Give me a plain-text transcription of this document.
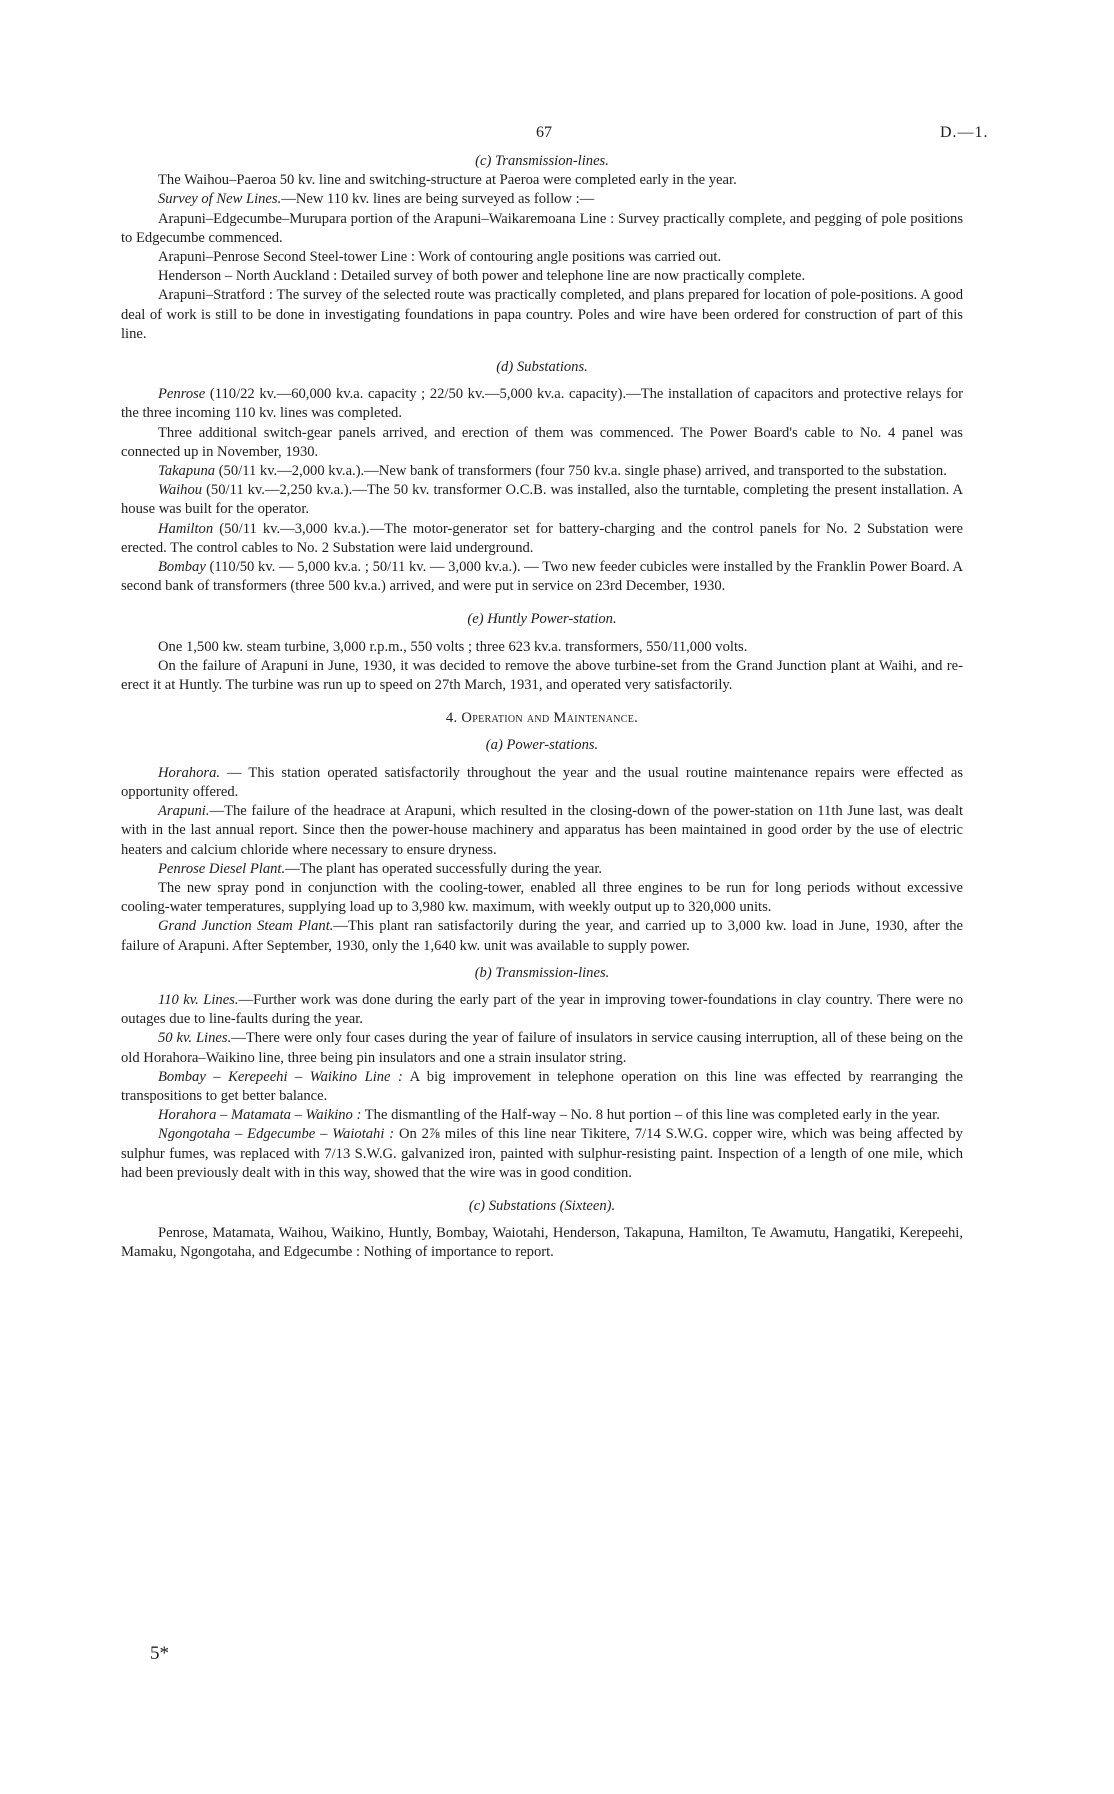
67	D.—1.
(c) Transmission-lines.

The Waihou–Paeroa 50 kv. line and switching-structure at Paeroa were completed early in the year.

Survey of New Lines.—New 110 kv. lines are being surveyed as follow :—

Arapuni–Edgecumbe–Murupara portion of the Arapuni–Waikaremoana Line : Survey practically complete, and pegging of pole positions to Edgecumbe commenced.

Arapuni–Penrose Second Steel-tower Line : Work of contouring angle positions was carried out.

Henderson – North Auckland : Detailed survey of both power and telephone line are now practically complete.

Arapuni–Stratford : The survey of the selected route was practically completed, and plans prepared for location of pole-positions. A good deal of work is still to be done in investigating foundations in papa country. Poles and wire have been ordered for construction of part of this line.

(d) Substations.

Penrose (110/22 kv.—60,000 kv.a. capacity ; 22/50 kv.—5,000 kv.a. capacity).—The installation of capacitors and protective relays for the three incoming 110 kv. lines was completed.

Three additional switch-gear panels arrived, and erection of them was commenced. The Power Board's cable to No. 4 panel was connected up in November, 1930.

Takapuna (50/11 kv.—2,000 kv.a.).—New bank of transformers (four 750 kv.a. single phase) arrived, and transported to the substation.

Waihou (50/11 kv.—2,250 kv.a.).—The 50 kv. transformer O.C.B. was installed, also the turntable, completing the present installation. A house was built for the operator.

Hamilton (50/11 kv.—3,000 kv.a.).—The motor-generator set for battery-charging and the control panels for No. 2 Substation were erected. The control cables to No. 2 Substation were laid underground.

Bombay (110/50 kv. — 5,000 kv.a. ; 50/11 kv. — 3,000 kv.a.). — Two new feeder cubicles were installed by the Franklin Power Board. A second bank of transformers (three 500 kv.a.) arrived, and were put in service on 23rd December, 1930.

(e) Huntly Power-station.

One 1,500 kw. steam turbine, 3,000 r.p.m., 550 volts ; three 623 kv.a. transformers, 550/11,000 volts.

On the failure of Arapuni in June, 1930, it was decided to remove the above turbine-set from the Grand Junction plant at Waihi, and re-erect it at Huntly. The turbine was run up to speed on 27th March, 1931, and operated very satisfactorily.

4. Operation and Maintenance.
(a) Power-stations.

Horahora. — This station operated satisfactorily throughout the year and the usual routine maintenance repairs were effected as opportunity offered.

Arapuni.—The failure of the headrace at Arapuni, which resulted in the closing-down of the power-station on 11th June last, was dealt with in the last annual report. Since then the power-house machinery and apparatus has been maintained in good order by the use of electric heaters and calcium chloride where necessary to ensure dryness.

Penrose Diesel Plant.—The plant has operated successfully during the year.

The new spray pond in conjunction with the cooling-tower, enabled all three engines to be run for long periods without excessive cooling-water temperatures, supplying load up to 3,980 kw. maximum, with weekly output up to 320,000 units.

Grand Junction Steam Plant.—This plant ran satisfactorily during the year, and carried up to 3,000 kw. load in June, 1930, after the failure of Arapuni. After September, 1930, only the 1,640 kw. unit was available to supply power.

(b) Transmission-lines.

110 kv. Lines.—Further work was done during the early part of the year in improving tower-foundations in clay country. There were no outages due to line-faults during the year.

50 kv. Lines.—There were only four cases during the year of failure of insulators in service causing interruption, all of these being on the old Horahora–Waikino line, three being pin insulators and one a strain insulator string.

Bombay – Kerepeehi – Waikino Line : A big improvement in telephone operation on this line was effected by rearranging the transpositions to get better balance.

Horahora – Matamata – Waikino : The dismantling of the Half-way – No. 8 hut portion – of this line was completed early in the year.

Ngongotaha – Edgecumbe – Waiotahi : On 2⅞ miles of this line near Tikitere, 7/14 S.W.G. copper wire, which was being affected by sulphur fumes, was replaced with 7/13 S.W.G. galvanized iron, painted with sulphur-resisting paint. Inspection of a length of one mile, which had been previously dealt with in this way, showed that the wire was in good condition.

(c) Substations (Sixteen).

Penrose, Matamata, Waihou, Waikino, Huntly, Bombay, Waiotahi, Henderson, Takapuna, Hamilton, Te Awamutu, Hangatiki, Kerepeehi, Mamaku, Ngongotaha, and Edgecumbe : Nothing of importance to report.

5*
